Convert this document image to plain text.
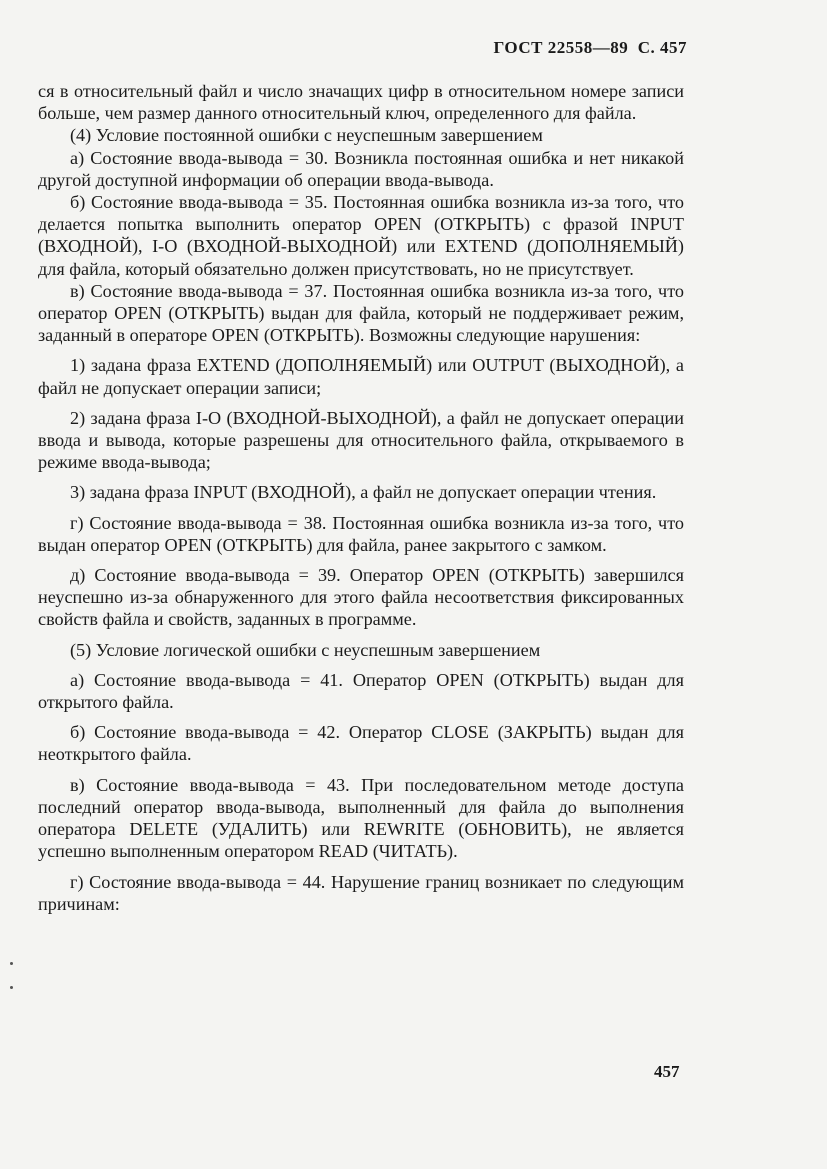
ГОСТ 22558—89 С. 457

ся в относительный файл и число значащих цифр в относительном номере записи больше, чем размер данного относительный ключ, определенного для файла.

(4) Условие постоянной ошибки с неуспешным завершением

а) Состояние ввода-вывода = 30. Возникла постоянная ошибка и нет никакой другой доступной информации об операции ввода-вывода.

б) Состояние ввода-вывода = 35. Постоянная ошибка возникла из-за того, что делается попытка выполнить оператор OPEN (ОТКРЫТЬ) с фразой INPUT (ВХОДНОЙ), I-O (ВХОДНОЙ-ВЫХОДНОЙ) или EXTEND (ДОПОЛНЯЕМЫЙ) для файла, который обязательно должен присутствовать, но не присутствует.

в) Состояние ввода-вывода = 37. Постоянная ошибка возникла из-за того, что оператор OPEN (ОТКРЫТЬ) выдан для файла, который не поддерживает режим, заданный в операторе OPEN (ОТКРЫТЬ). Возможны следующие нарушения:

1) задана фраза EXTEND (ДОПОЛНЯЕМЫЙ) или OUTPUT (ВЫХОДНОЙ), а файл не допускает операции записи;

2) задана фраза I-O (ВХОДНОЙ-ВЫХОДНОЙ), а файл не допускает операции ввода и вывода, которые разрешены для относительного файла, открываемого в режиме ввода-вывода;

3) задана фраза INPUT (ВХОДНОЙ), а файл не допускает операции чтения.

г) Состояние ввода-вывода = 38. Постоянная ошибка возникла из-за того, что выдан оператор OPEN (ОТКРЫТЬ) для файла, ранее закрытого с замком.

д) Состояние ввода-вывода = 39. Оператор OPEN (ОТКРЫТЬ) завершился неуспешно из-за обнаруженного для этого файла несоответствия фиксированных свойств файла и свойств, заданных в программе.

(5) Условие логической ошибки с неуспешным завершением

а) Состояние ввода-вывода = 41. Оператор OPEN (ОТКРЫТЬ) выдан для открытого файла.

б) Состояние ввода-вывода = 42. Оператор CLOSE (ЗАКРЫТЬ) выдан для неоткрытого файла.

в) Состояние ввода-вывода = 43. При последовательном методе доступа последний оператор ввода-вывода, выполненный для файла до выполнения оператора DELETE (УДАЛИТЬ) или REWRITE (ОБНОВИТЬ), не является успешно выполненным оператором READ (ЧИТАТЬ).

г) Состояние ввода-вывода = 44. Нарушение границ возникает по следующим причинам:

457
